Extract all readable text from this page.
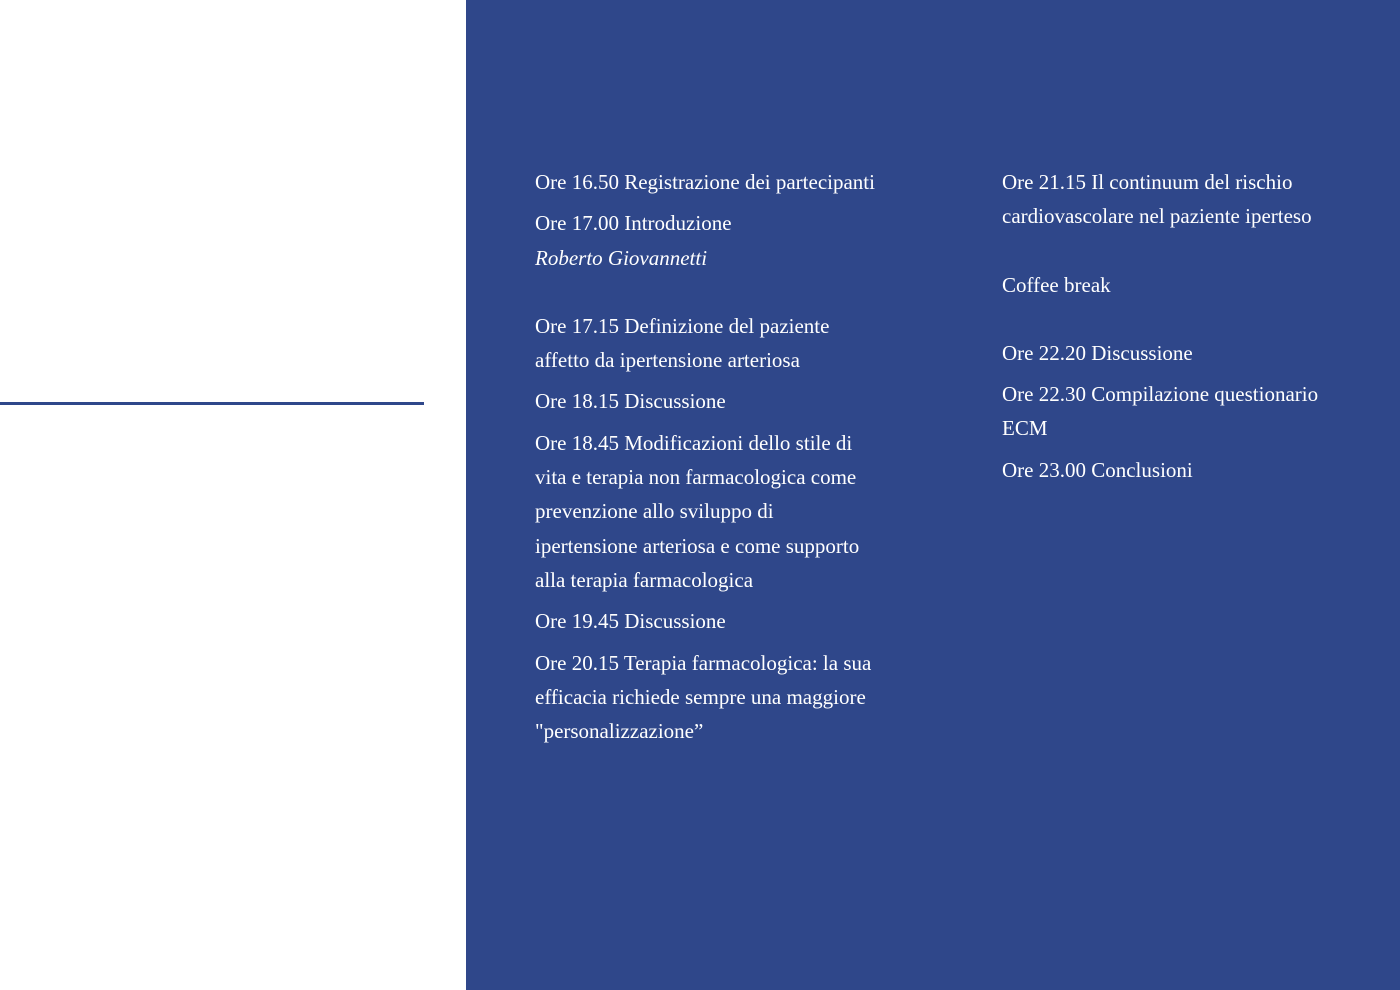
Ore 16.50 Registrazione dei partecipanti
Ore 17.00 Introduzione
Roberto Giovannetti
Ore 17.15 Definizione del paziente affetto da ipertensione arteriosa
Ore 18.15 Discussione
Ore 18.45 Modificazioni dello stile di vita e terapia non farmacologica come prevenzione allo sviluppo di ipertensione arteriosa e come supporto alla terapia farmacologica
Ore 19.45 Discussione
Ore 20.15 Terapia farmacologica: la sua efficacia richiede sempre una maggiore "personalizzazione”
Ore 21.15 Il continuum del rischio cardiovascolare nel paziente iperteso
Coffee break
Ore 22.20 Discussione
Ore 22.30 Compilazione questionario ECM
Ore 23.00 Conclusioni
